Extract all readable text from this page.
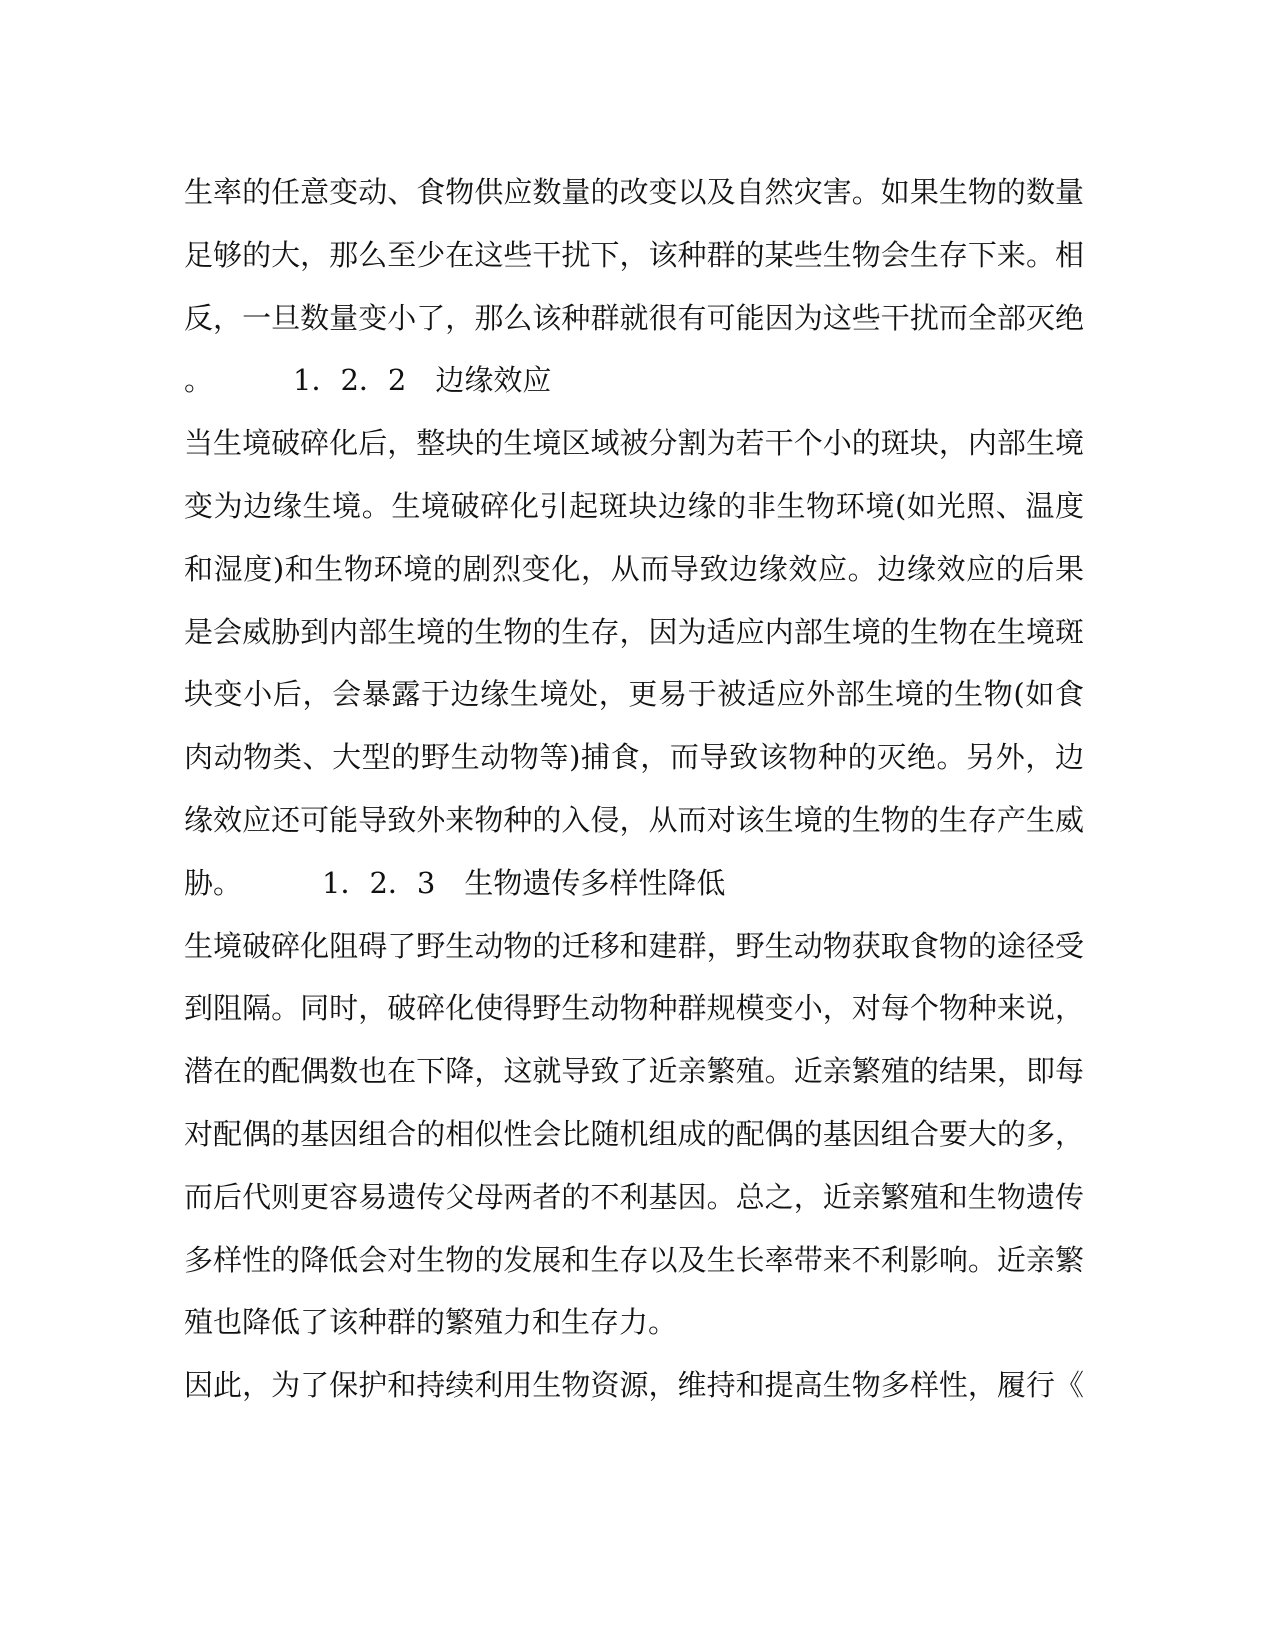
生率的任意变动、食物供应数量的改变以及自然灾害。如果生物的数量
足够的大，那么至少在这些干扰下，该种群的某些生物会生存下来。相
反，一旦数量变小了，那么该种群就很有可能因为这些干扰而全部灭绝
。	1．2．2　边缘效应
当生境破碎化后，整块的生境区域被分割为若干个小的斑块，内部生境
变为边缘生境。生境破碎化引起斑块边缘的非生物环境(如光照、温度
和湿度)和生物环境的剧烈变化，从而导致边缘效应。边缘效应的后果
是会威胁到内部生境的生物的生存，因为适应内部生境的生物在生境斑
块变小后，会暴露于边缘生境处，更易于被适应外部生境的生物(如食
肉动物类、大型的野生动物等)捕食，而导致该物种的灭绝。另外，边
缘效应还可能导致外来物种的入侵，从而对该生境的生物的生存产生威
胁。	1．2．3　生物遗传多样性降低
生境破碎化阻碍了野生动物的迁移和建群，野生动物获取食物的途径受
到阻隔。同时，破碎化使得野生动物种群规模变小，对每个物种来说，
潜在的配偶数也在下降，这就导致了近亲繁殖。近亲繁殖的结果，即每
对配偶的基因组合的相似性会比随机组成的配偶的基因组合要大的多，
而后代则更容易遗传父母两者的不利基因。总之，近亲繁殖和生物遗传
多样性的降低会对生物的发展和生存以及生长率带来不利影响。近亲繁
殖也降低了该种群的繁殖力和生存力。
因此，为了保护和持续利用生物资源，维持和提高生物多样性，履行《
